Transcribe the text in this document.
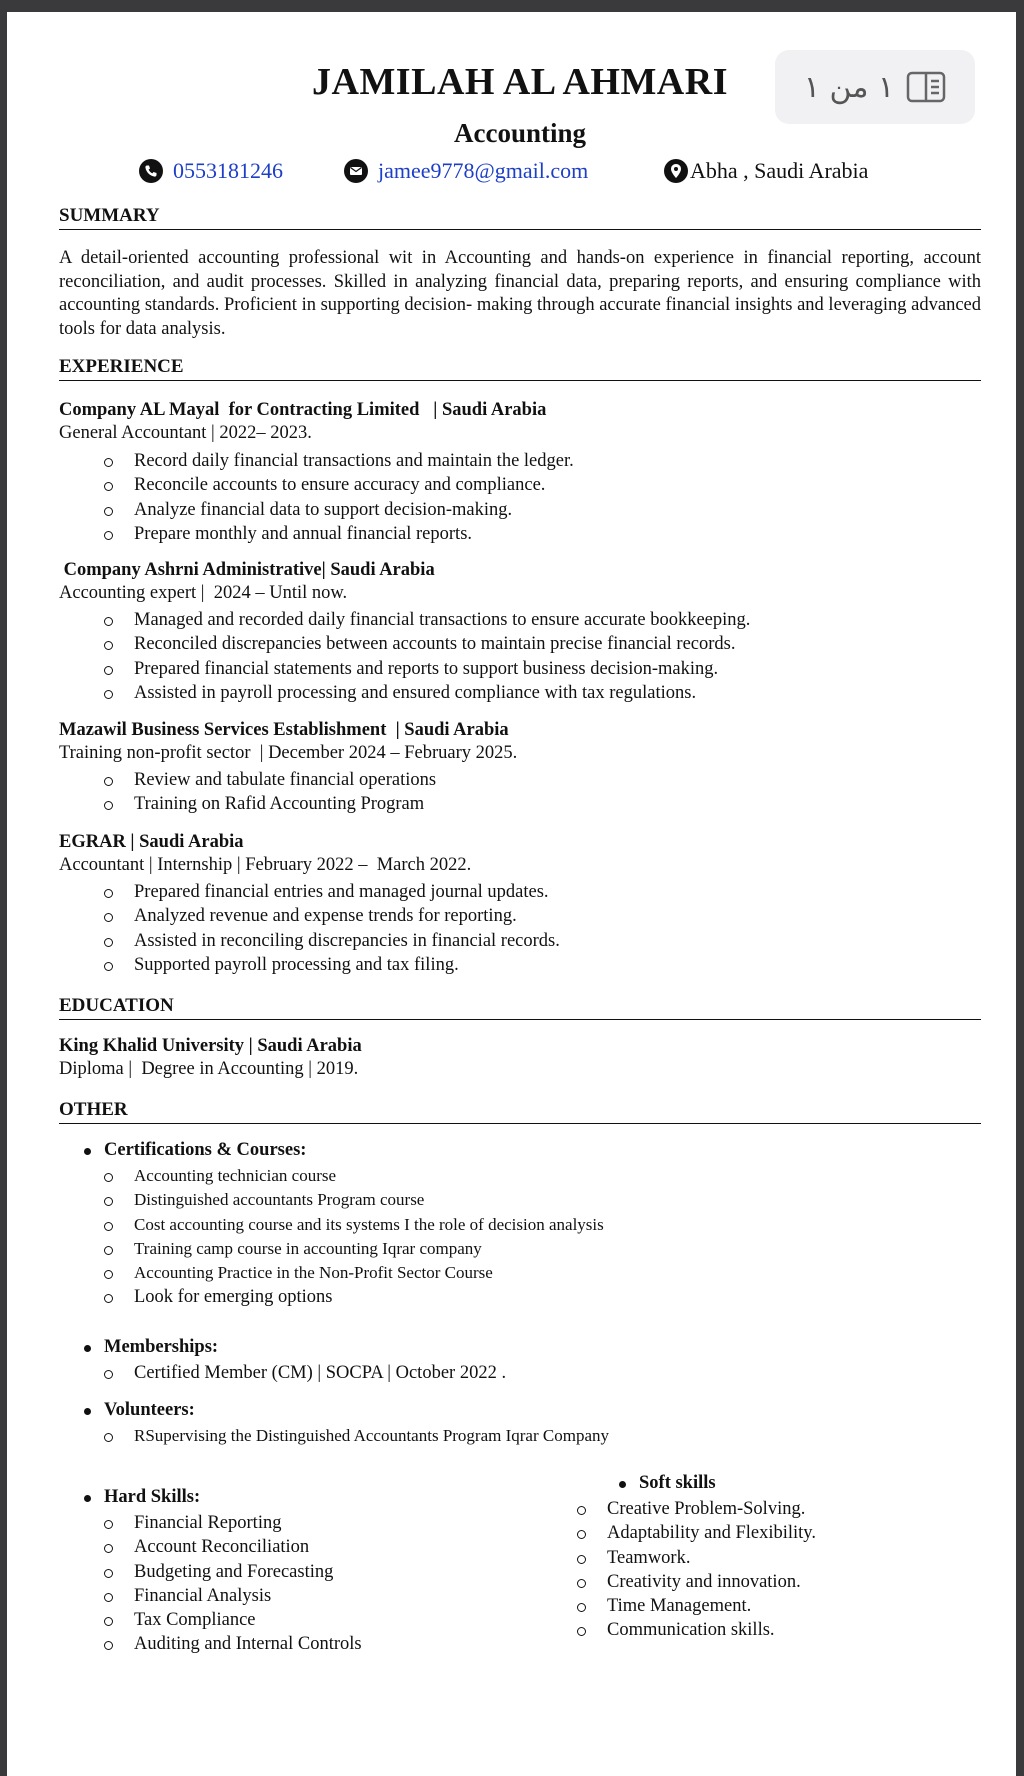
١ من ١
JAMILAH AL AHMARI
Accounting
0553181246	jamee9778@gmail.com	Abha , Saudi Arabia
SUMMARY
A detail-oriented accounting professional wit in Accounting and hands-on experience in financial reporting, account reconciliation, and audit processes. Skilled in analyzing financial data, preparing reports, and ensuring compliance with accounting standards. Proficient in supporting decision- making through accurate financial insights and leveraging advanced tools for data analysis.
EXPERIENCE
Company AL Mayal  for Contracting Limited   | Saudi Arabia
General Accountant | 2022– 2023.
Record daily financial transactions and maintain the ledger.
Reconcile accounts to ensure accuracy and compliance.
Analyze financial data to support decision-making.
Prepare monthly and annual financial reports.
Company Ashrni Administrative| Saudi Arabia
Accounting expert |  2024 – Until now.
Managed and recorded daily financial transactions to ensure accurate bookkeeping.
Reconciled discrepancies between accounts to maintain precise financial records.
Prepared financial statements and reports to support business decision-making.
Assisted in payroll processing and ensured compliance with tax regulations.
Mazawil Business Services Establishment  | Saudi Arabia
Training non-profit sector  | December 2024 – February 2025.
Review and tabulate financial operations
Training on Rafid Accounting Program
EGRAR | Saudi Arabia
Accountant | Internship | February 2022 –  March 2022.
Prepared financial entries and managed journal updates.
Analyzed revenue and expense trends for reporting.
Assisted in reconciling discrepancies in financial records.
Supported payroll processing and tax filing.
EDUCATION
King Khalid University | Saudi Arabia
Diploma |  Degree in Accounting | 2019.
OTHER
Certifications & Courses:
Accounting technician course
Distinguished accountants Program course
Cost accounting course and its systems I the role of decision analysis
Training camp course in accounting Iqrar company
Accounting Practice in the Non-Profit Sector Course
Look for emerging options
Memberships:
Certified Member (CM) | SOCPA | October 2022 .
Volunteers:
RSupervising the Distinguished Accountants Program Iqrar Company
Hard Skills:
Financial Reporting
Account Reconciliation
Budgeting and Forecasting
Financial Analysis
Tax Compliance
Auditing and Internal Controls
Soft skills
Creative Problem-Solving.
Adaptability and Flexibility.
Teamwork.
Creativity and innovation.
Time Management.
Communication skills.
